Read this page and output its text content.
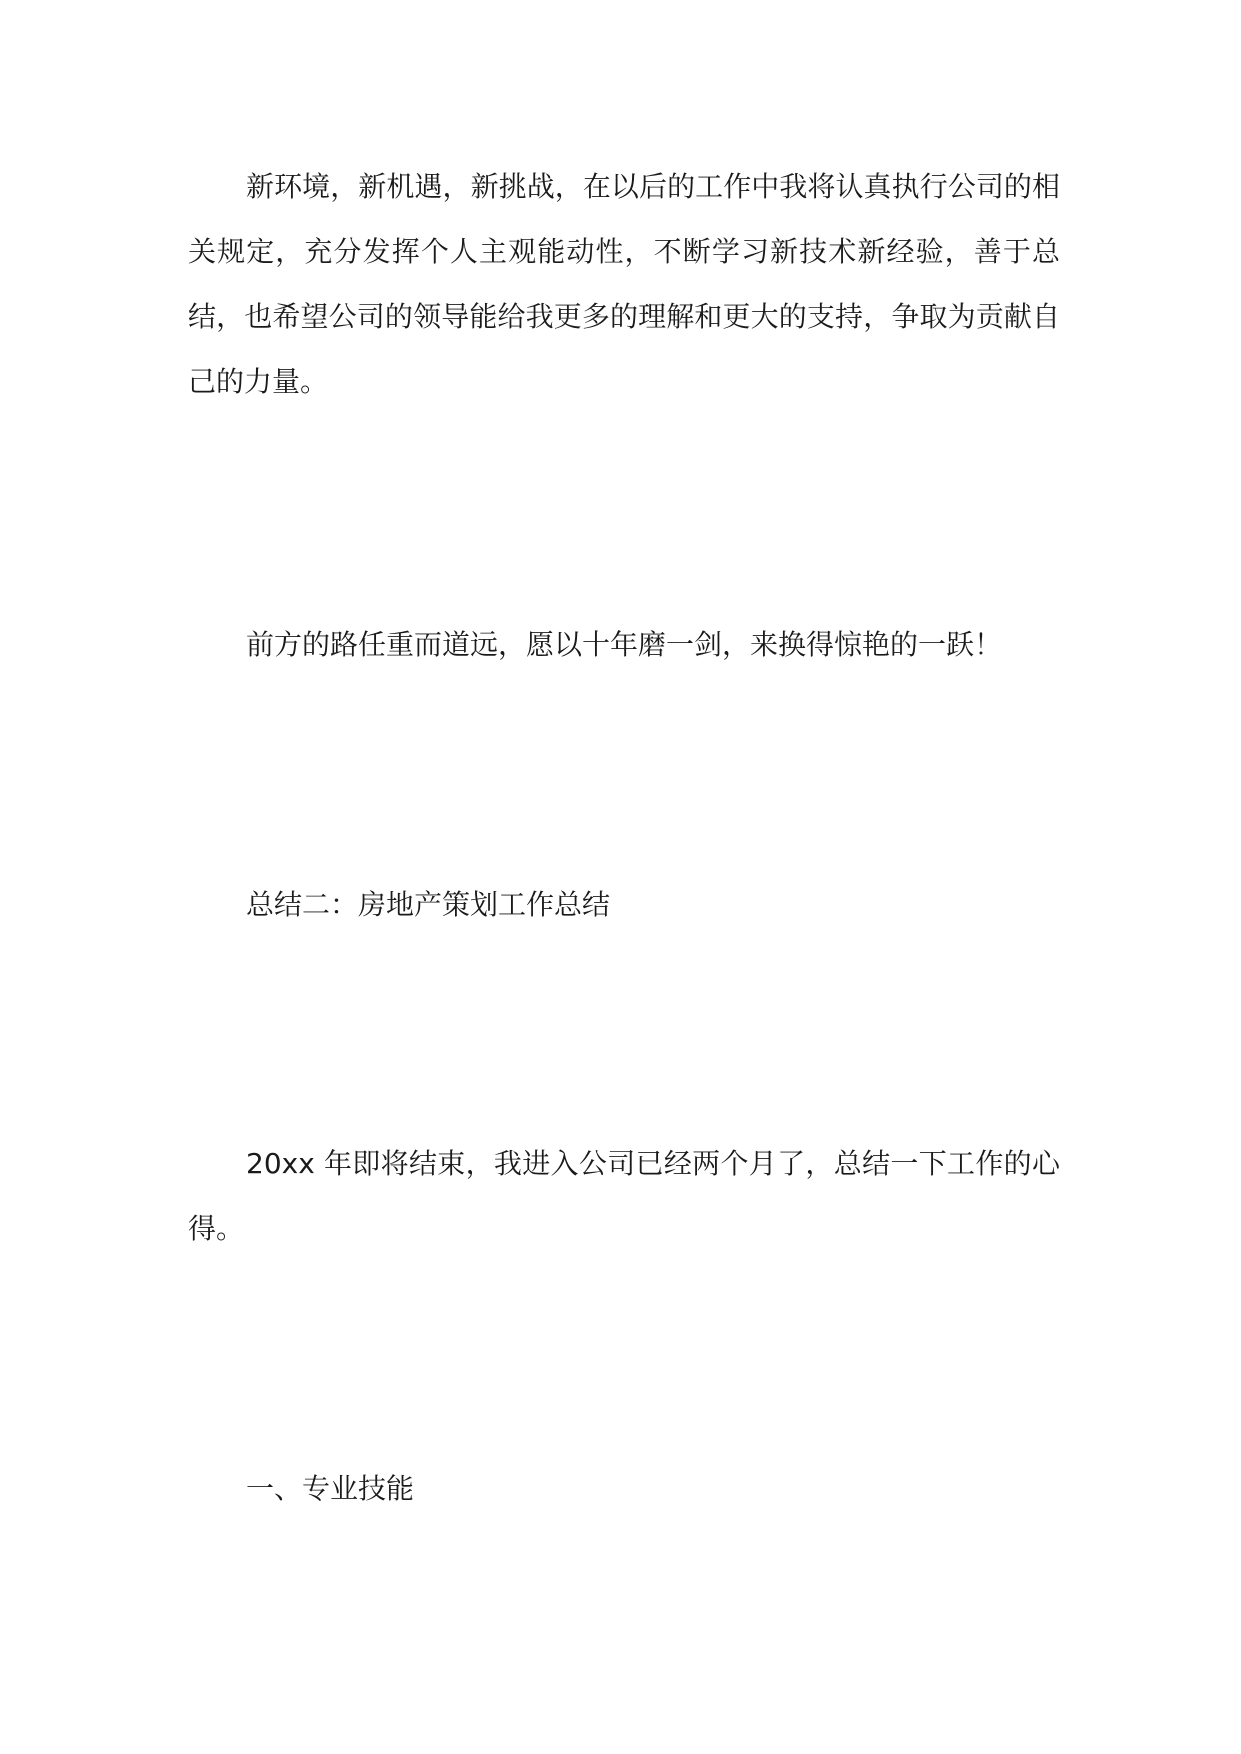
新环境，新机遇，新挑战，在以后的工作中我将认真执行公司的相关规定，充分发挥个人主观能动性，不断学习新技术新经验，善于总结，也希望公司的领导能给我更多的理解和更大的支持，争取为贡献自己的力量。

前方的路任重而道远，愿以十年磨一剑，来换得惊艳的一跃！

总结二：房地产策划工作总结

20xx 年即将结束，我进入公司已经两个月了，总结一下工作的心得。

一、专业技能
